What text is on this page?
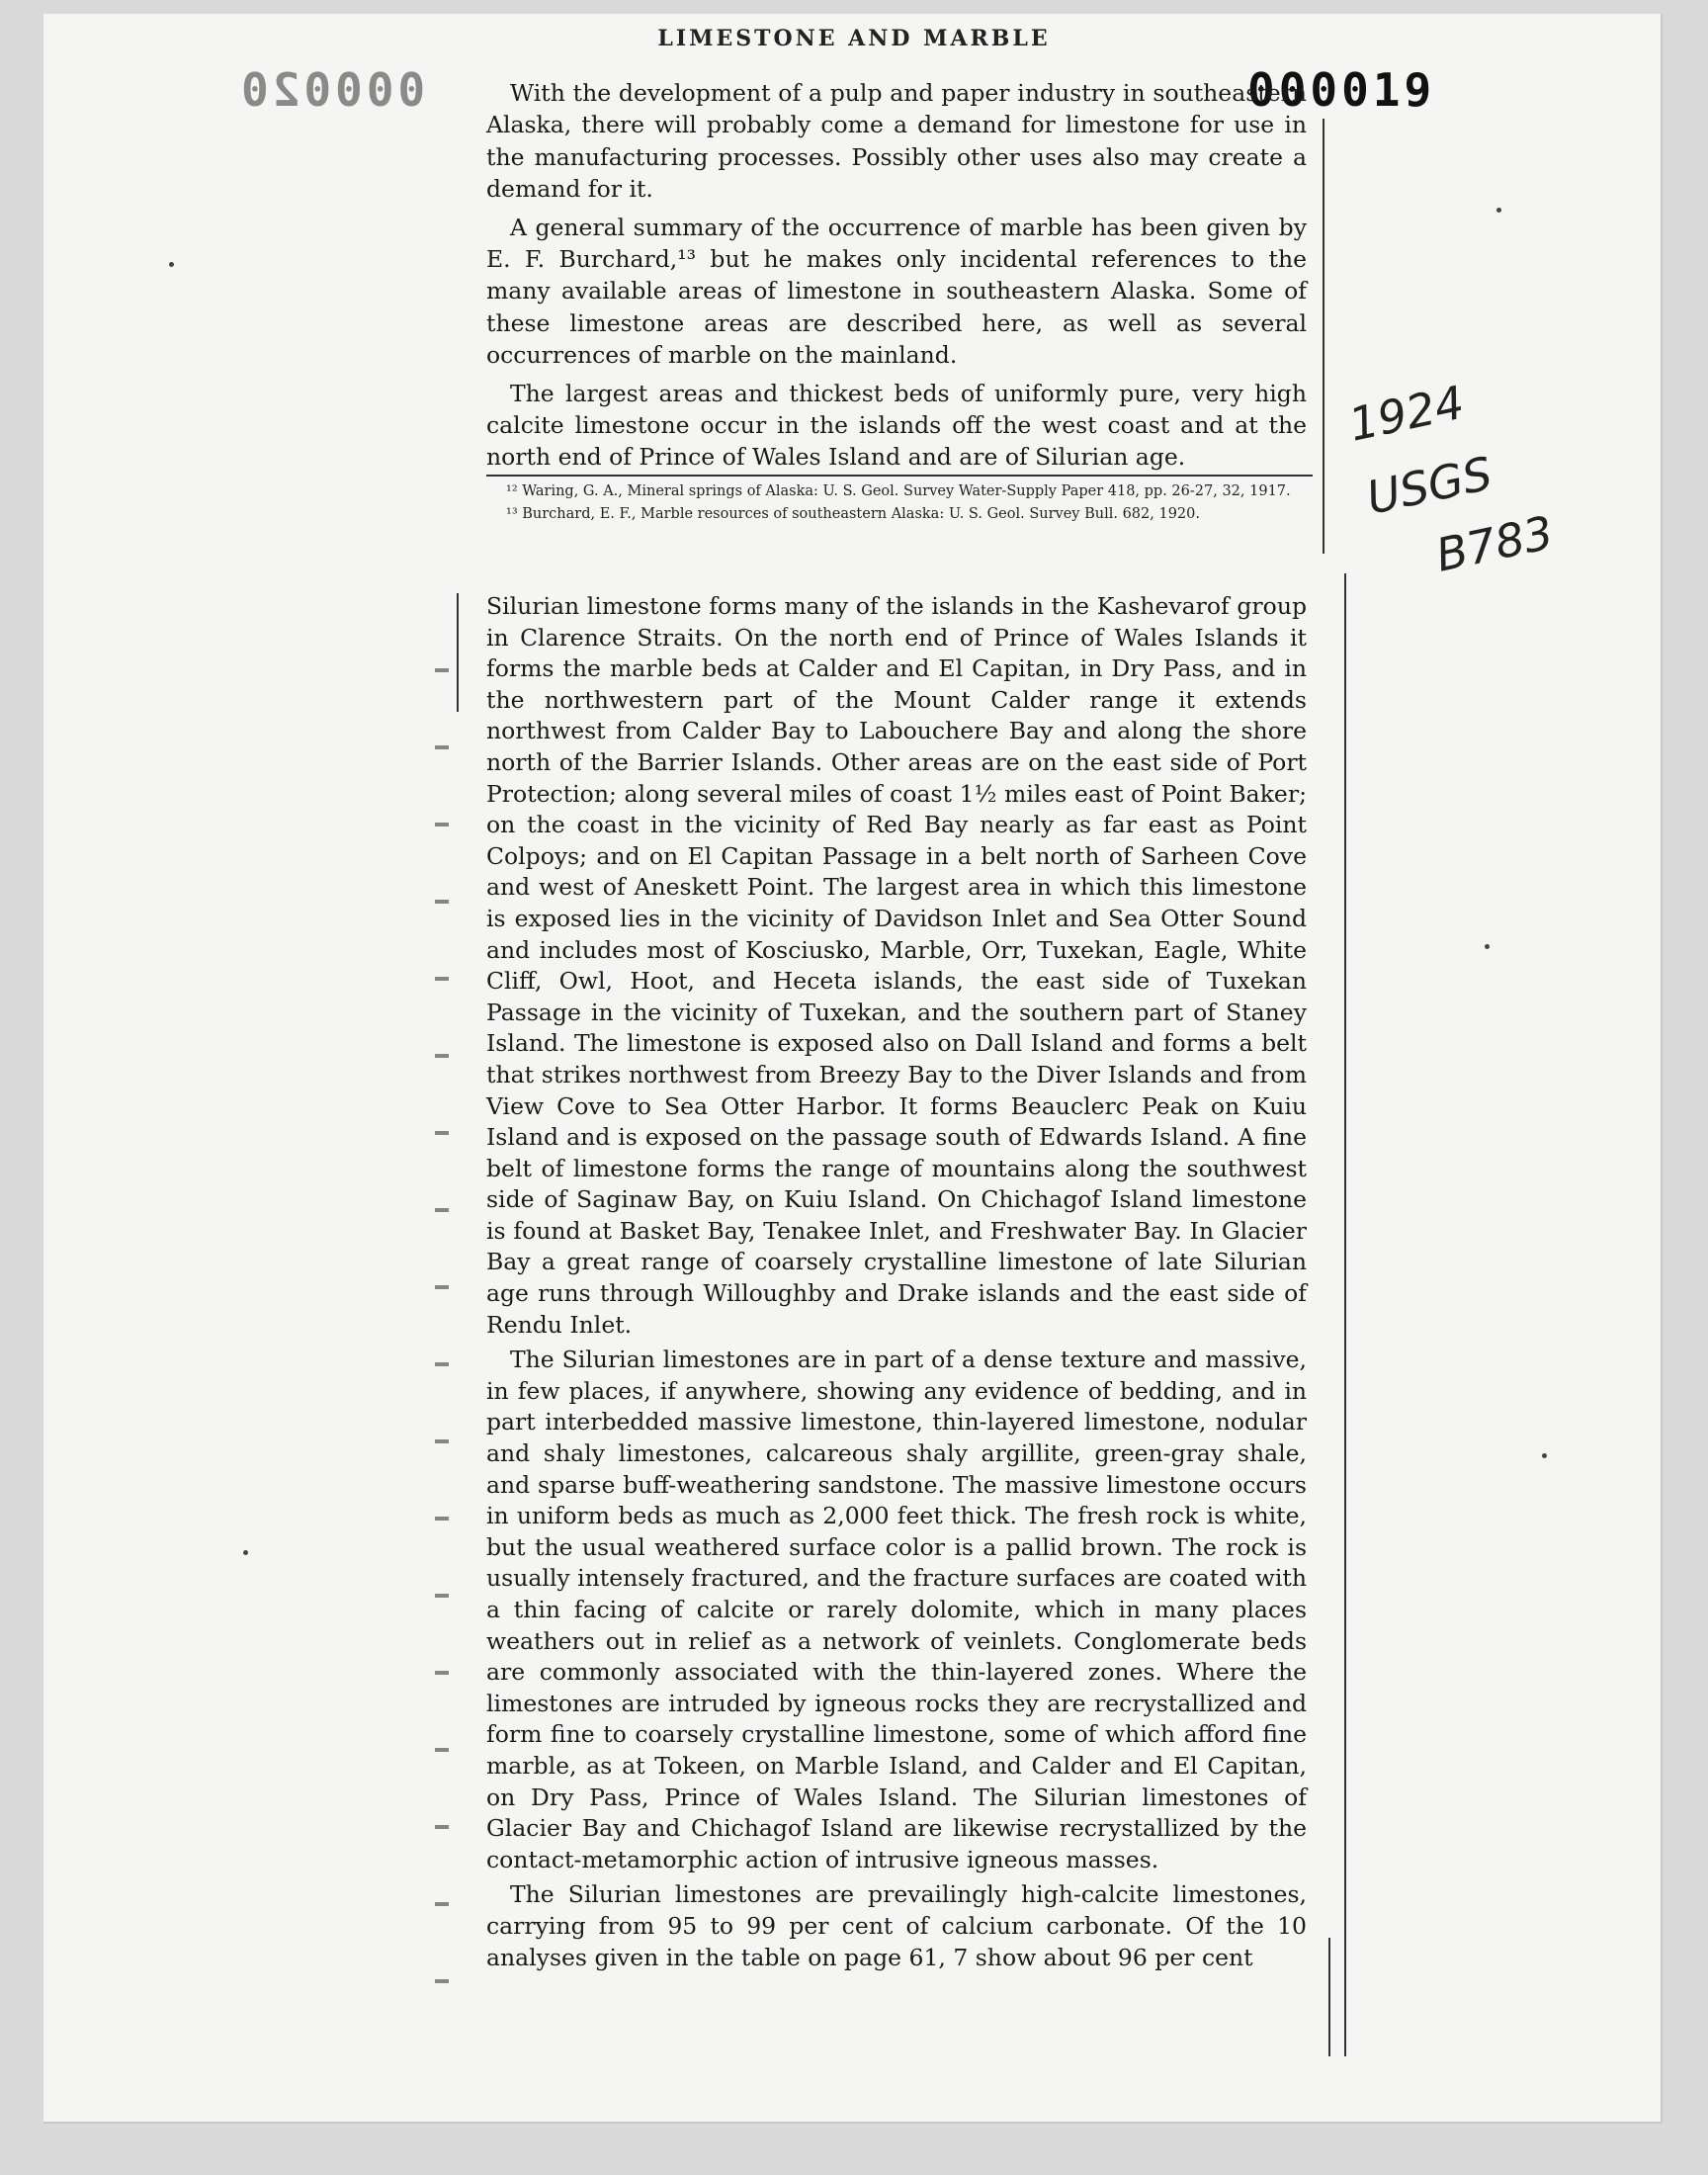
LIMESTONE AND MARBLE
000020	000019

With the development of a pulp and paper industry in southeastern Alaska, there will probably come a demand for limestone for use in the manufacturing processes. Possibly other uses also may create a demand for it.

A general summary of the occurrence of marble has been given by E. F. Burchard,¹³ but he makes only incidental references to the many available areas of limestone in southeastern Alaska. Some of these limestone areas are described here, as well as several occurrences of marble on the mainland.

The largest areas and thickest beds of uniformly pure, very high calcite limestone occur in the islands off the west coast and at the north end of Prince of Wales Island and are of Silurian age.

¹² Waring, G. A., Mineral springs of Alaska: U. S. Geol. Survey Water-Supply Paper 418, pp. 26-27, 32, 1917.
¹³ Burchard, E. F., Marble resources of southeastern Alaska: U. S. Geol. Survey Bull. 682, 1920.

Silurian limestone forms many of the islands in the Kashevarof group in Clarence Straits. On the north end of Prince of Wales Islands it forms the marble beds at Calder and El Capitan, in Dry Pass, and in the northwestern part of the Mount Calder range it extends northwest from Calder Bay to Labouchere Bay and along the shore north of the Barrier Islands. Other areas are on the east side of Port Protection; along several miles of coast 1½ miles east of Point Baker; on the coast in the vicinity of Red Bay nearly as far east as Point Colpoys; and on El Capitan Passage in a belt north of Sarheen Cove and west of Aneskett Point. The largest area in which this limestone is exposed lies in the vicinity of Davidson Inlet and Sea Otter Sound and includes most of Kosciusko, Marble, Orr, Tuxekan, Eagle, White Cliff, Owl, Hoot, and Heceta islands, the east side of Tuxekan Passage in the vicinity of Tuxekan, and the southern part of Staney Island. The limestone is exposed also on Dall Island and forms a belt that strikes northwest from Breezy Bay to the Diver Islands and from View Cove to Sea Otter Harbor. It forms Beauclerc Peak on Kuiu Island and is exposed on the passage south of Edwards Island. A fine belt of limestone forms the range of mountains along the southwest side of Saginaw Bay, on Kuiu Island. On Chichagof Island limestone is found at Basket Bay, Tenakee Inlet, and Freshwater Bay. In Glacier Bay a great range of coarsely crystalline limestone of late Silurian age runs through Willoughby and Drake islands and the east side of Rendu Inlet.

The Silurian limestones are in part of a dense texture and massive, in few places, if anywhere, showing any evidence of bedding, and in part interbedded massive limestone, thin-layered limestone, nodular and shaly limestones, calcareous shaly argillite, green-gray shale, and sparse buff-weathering sandstone. The massive limestone occurs in uniform beds as much as 2,000 feet thick. The fresh rock is white, but the usual weathered surface color is a pallid brown. The rock is usually intensely fractured, and the fracture surfaces are coated with a thin facing of calcite or rarely dolomite, which in many places weathers out in relief as a network of veinlets. Conglomerate beds are commonly associated with the thin-layered zones. Where the limestones are intruded by igneous rocks they are recrystallized and form fine to coarsely crystalline limestone, some of which afford fine marble, as at Tokeen, on Marble Island, and Calder and El Capitan, on Dry Pass, Prince of Wales Island. The Silurian limestones of Glacier Bay and Chichagof Island are likewise recrystallized by the contact-metamorphic action of intrusive igneous masses.

The Silurian limestones are prevailingly high-calcite limestones, carrying from 95 to 99 per cent of calcium carbonate. Of the 10 analyses given in the table on page 61, 7 show about 96 per cent

1924
USGS
B783
